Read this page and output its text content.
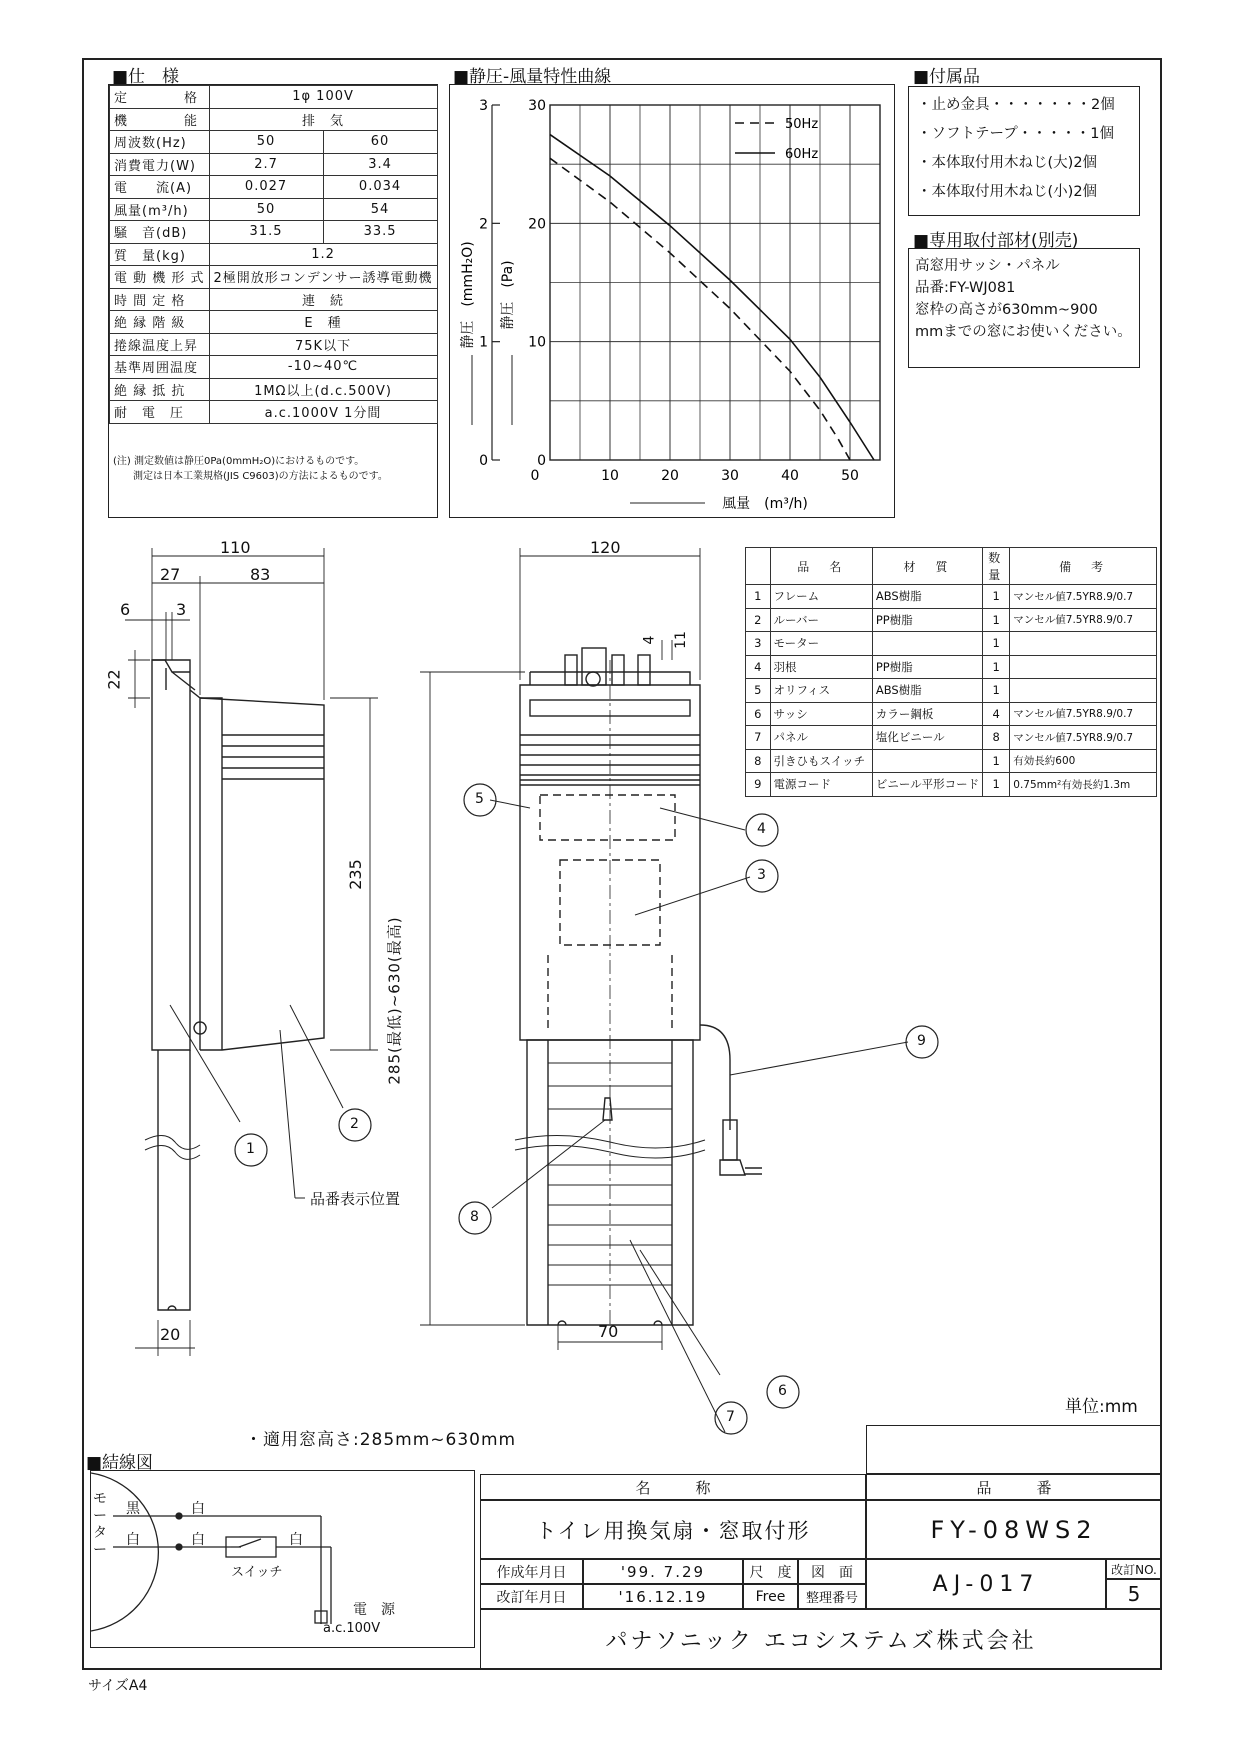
■仕　様
定　　　　格	1φ 100V	
機　　　　能	排　気	
周波数(Hz)	50	60
消費電力(W)	2.7	3.4
電　　流(A)	0.027	0.034
風量(m³/h)	50	54
騒　音(dB)	31.5	33.5
質　量(kg)	1.2	
電 動 機 形 式	2極開放形コンデンサー誘導電動機	
時 間 定 格	連　続	
絶 縁 階 級	E　種	
捲線温度上昇	75K以下	
基準周囲温度	-10~40℃	
絶 縁 抵 抗	1MΩ以上(d.c.500V)	
耐　電　圧	a.c.1000V 1分間	
(注) 測定数値は静圧0Pa(0mmH₂O)におけるものです。
　　測定は日本工業規格(JIS C9603)の方法によるものです。
■静圧-風量特性曲線
0	10	20	30	40	50
0
10
20
30
0
1
2
3
静圧　(Pa)
静圧　(mmH₂O)
風量　(m³/h)
50Hz
60Hz
■付属品
・止め金具・・・・・・・2個
・ソフトテープ・・・・・1個
・本体取付用木ねじ(大)2個
・本体取付用木ねじ(小)2個
■専用取付部材(別売)
高窓用サッシ・パネル
品番:FY-WJ081
窓枠の高さが630mm~900
mmまでの窓にお使いください。
	品　名	材　質	数量	備　考
1	フレーム	ABS樹脂	1	マンセル値7.5YR8.9/0.7
2	ルーバー	PP樹脂	1	マンセル値7.5YR8.9/0.7
3	モーター		1	
4	羽根	PP樹脂	1	
5	オリフィス	ABS樹脂	1	
6	サッシ	カラー鋼板	4	マンセル値7.5YR8.9/0.7
7	パネル	塩化ビニール	8	マンセル値7.5YR8.9/0.7
8	引きひもスイッチ		1	有効長約600
9	電源コード	ビニール平形コード	1	0.75mm²有効長約1.3m
110
27	83
6	3
22
235
20
120
4 11
70
285(最低)~630(最高)
品番表示位置
1
2
3
4
5
6
7
8
9
単位:mm
・適用窓高さ:285mm~630mm
■結線図
モーター
黒	白
白	白	白
スイッチ
電　源
a.c.100V
名　　　称	品　　　番
トイレ用換気扇・窓取付形	FY-08WS2
作成年月日	'99. 7.29	尺　度	図　面
改訂年月日	'16.12.19	Free	整理番号
AJ-017
改訂NO.
5
パナソニック エコシステムズ株式会社
サイズA4
